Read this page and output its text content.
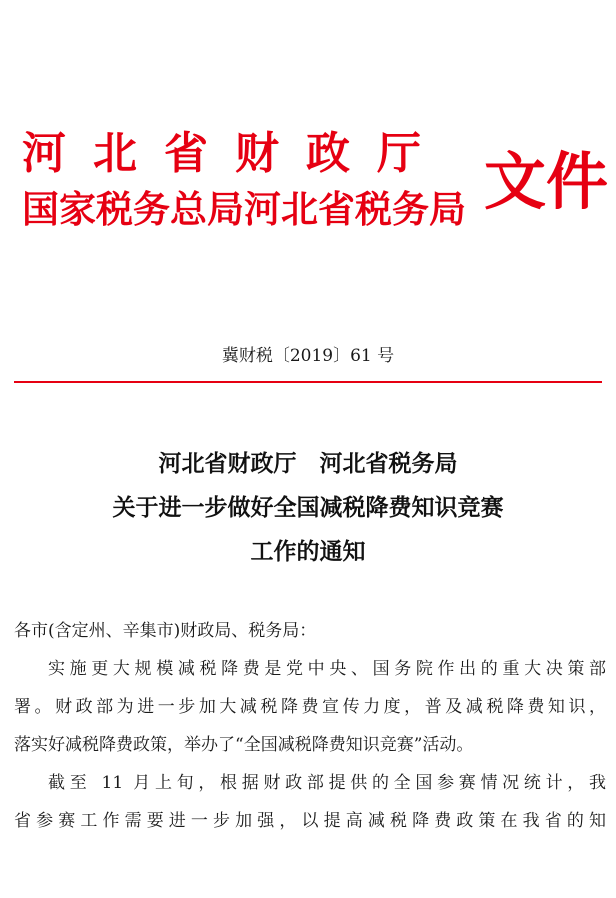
河北省财政厅
国家税务总局河北省税务局 文件
冀财税〔2019〕61 号
河北省财政厅　河北省税务局
关于进一步做好全国减税降费知识竞赛
工作的通知
各市(含定州、辛集市)财政局、税务局：
实施更大规模减税降费是党中央、国务院作出的重大决策部
署。财政部为进一步加大减税降费宣传力度，普及减税降费知识，
落实好减税降费政策，举办了“全国减税降费知识竞赛”活动。
截至 11 月上旬，根据财政部提供的全国参赛情况统计，我
省参赛工作需要进一步加强，以提高减税降费政策在我省的知
